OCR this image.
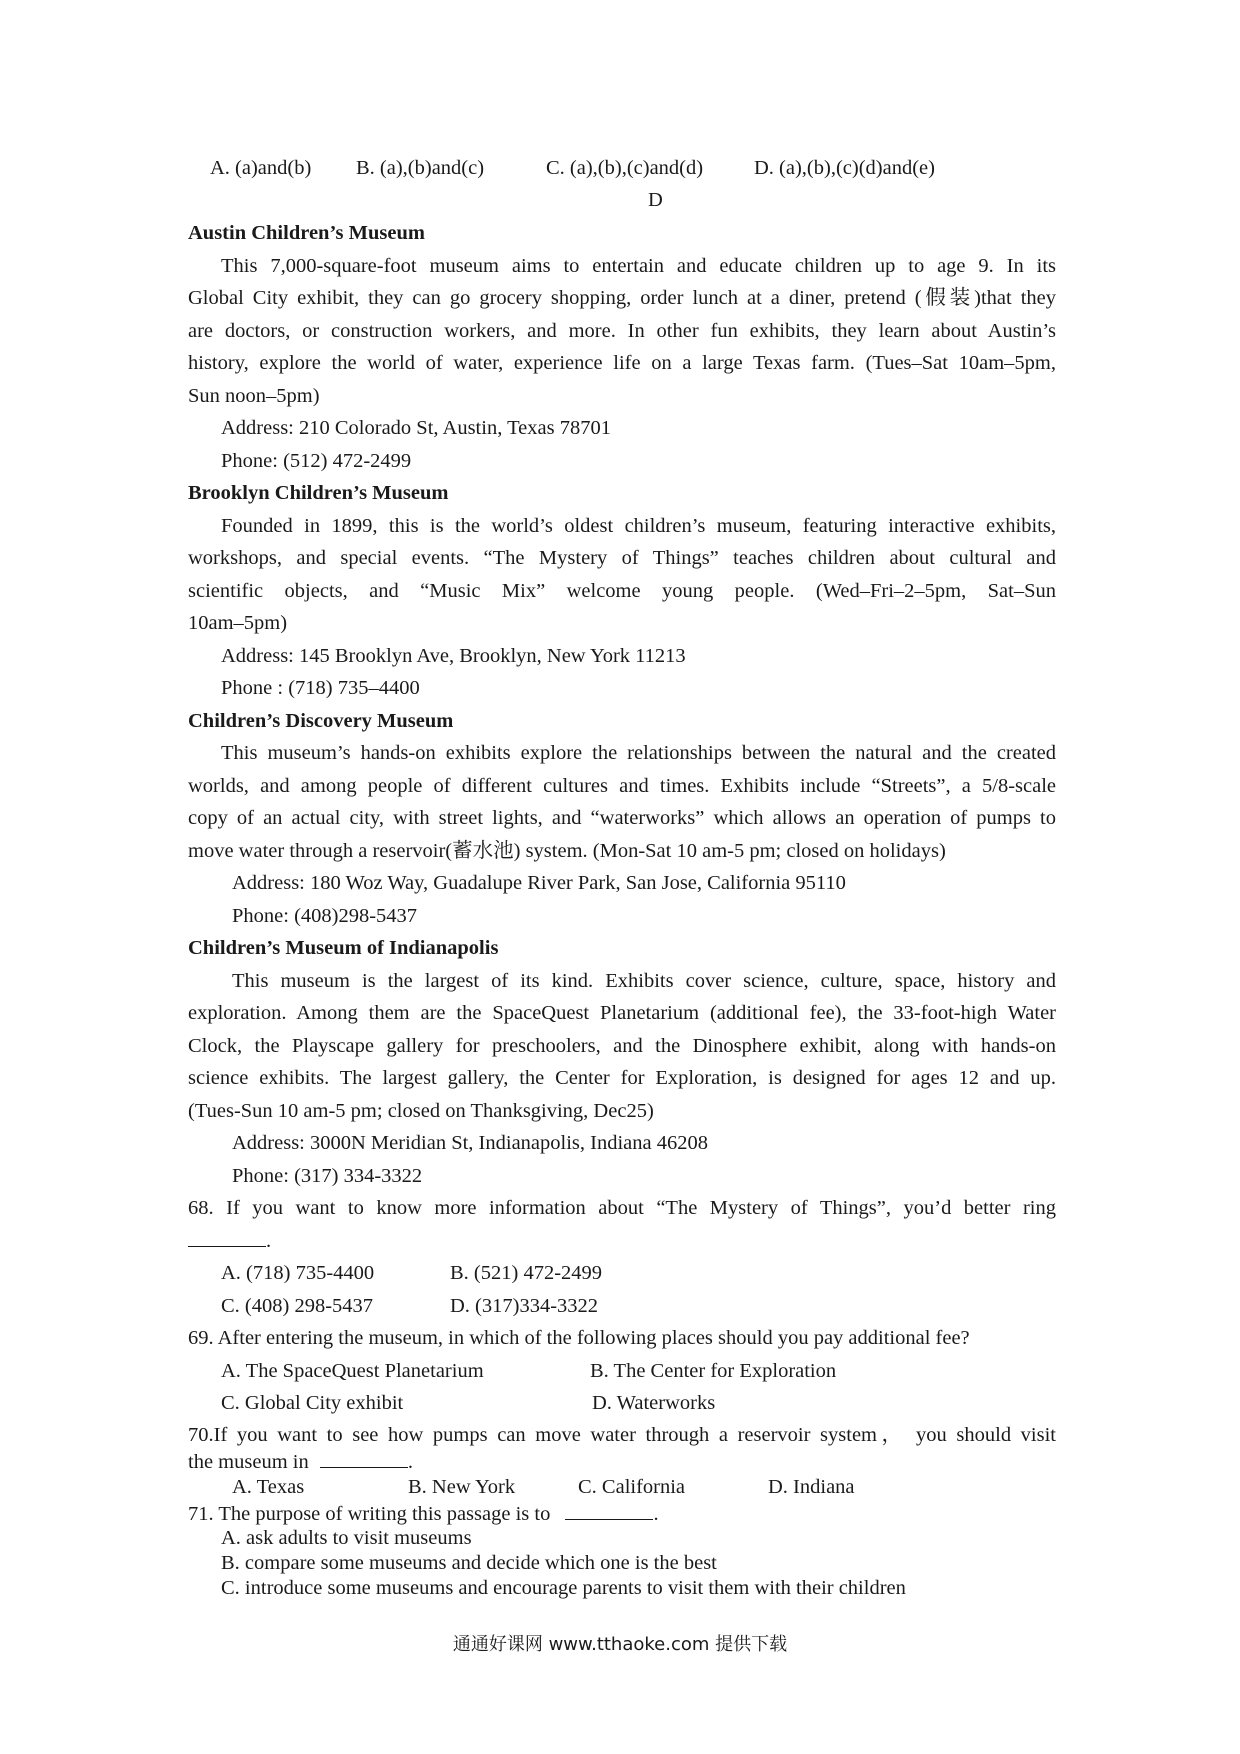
A. (a)and(b) B. (a),(b)and(c)	C. (a),(b),(c)and(d) D. (a),(b),(c)(d)and(e)
D
Austin Children’s Museum
This 7,000-square-foot museum aims to entertain and educate children up to age 9. In its
Global City exhibit, they can go grocery shopping, order lunch at a diner, pretend (假装)that they
are doctors, or construction workers, and more. In other fun exhibits, they learn about Austin’s
history, explore the world of water, experience life on a large Texas farm. (Tues–Sat 10am–5pm,
Sun noon–5pm)
Address: 210 Colorado St, Austin, Texas 78701
Phone: (512) 472-2499
Brooklyn Children’s Museum
Founded in 1899, this is the world’s oldest children’s museum, featuring interactive exhibits,
workshops, and special events. “The Mystery of Things” teaches children about cultural and
scientific objects, and “Music Mix” welcome young people. (Wed–Fri–2–5pm, Sat–Sun
10am–5pm)
Address: 145 Brooklyn Ave, Brooklyn, New York 11213
Phone : (718) 735–4400
Children’s Discovery Museum
This museum’s hands-on exhibits explore the relationships between the natural and the created
worlds, and among people of different cultures and times. Exhibits include “Streets”, a 5/8-scale
copy of an actual city, with street lights, and “waterworks” which allows an operation of pumps to
move water through a reservoir(蓄水池) system. (Mon-Sat 10 am-5 pm; closed on holidays)
Address: 180 Woz Way, Guadalupe River Park, San Jose, California 95110
Phone: (408)298-5437
Children’s Museum of Indianapolis
This museum is the largest of its kind. Exhibits cover science, culture, space, history and
exploration. Among them are the SpaceQuest Planetarium (additional fee), the 33-foot-high Water
Clock, the Playscape gallery for preschoolers, and the Dinosphere exhibit, along with hands-on
science exhibits. The largest gallery, the Center for Exploration, is designed for ages 12 and up.
(Tues-Sun 10 am-5 pm; closed on Thanksgiving, Dec25)
Address: 3000N Meridian St, Indianapolis, Indiana 46208
Phone: (317) 334-3322
68. If you want to know more information about “The Mystery of Things”, you’d better ring
.
A. (718) 735-4400	B. (521) 472-2499
C. (408) 298-5437	D. (317)334-3322
69. After entering the museum, in which of the following places should you pay additional fee?
A. The SpaceQuest Planetarium	B. The Center for Exploration
C. Global City exhibit	D. Waterworks
70.If you want to see how pumps can move water through a reservoir system， you should visit
the museum in	.
A. Texas	B. New York	C. California	D. Indiana
71. The purpose of writing this passage is to	.
A. ask adults to visit museums
B. compare some museums and decide which one is the best
C. introduce some museums and encourage parents to visit them with their children
通通好课网 www.tthaoke.com 提供下载
